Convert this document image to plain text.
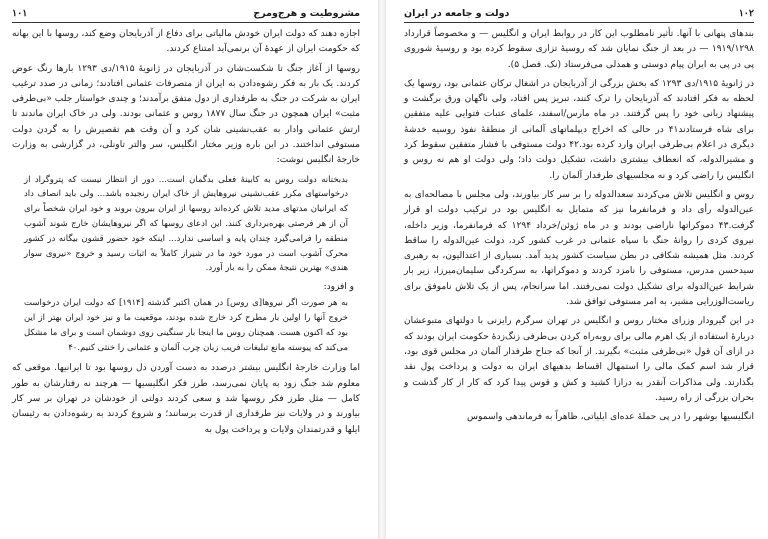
مشروطیت و هرج‌ومرج
۱۰۱

اجازه دهند که دولت ایران خودش مالیاتی برای دفاع از آذربایجان وضع کند، روسها با این بهانه که حکومت ایران از عهدهٔ آن برنمی‌آید امتناع کردند.

روسها از آغاز جنگ تا شکست‌شان در آذربایجان در ژانویهٔ ۱۹۱۵/دی ۱۲۹۳ بارها رنگ عوض کردند. یک بار به فکر رشوه‌دادن به ایران از متصرفات عثمانی افتادند؛ زمانی در صدد ترغیب ایران به شرکت در جنگ به طرفداری از دول متفق برآمدند؛ و چندی خواستار جلب «بی‌طرفی مثبت» ایران همچون در جنگ سال ۱۸۷۷ روس و عثمانی بودند. ولی در خاک ایران ماندند تا ارتش عثمانی وادار به عقب‌نشینی شان کرد و آن وقت هم تقصیرش را به گردن دولت مستوفی انداختند. در این باره وزیر مختار انگلیس، سر والتر تاونلی، در گزارشی به وزارت خارجهٔ انگلیس نوشت:

بدبختانه دولت روس به کابینهٔ فعلی بدگمان است... دور از انتظار نیست که پتروگراد از درخواستهای مکرر عقب‌نشینی نیروهایش از خاک ایران رنجیده باشد... ولی باید انصاف داد که ایرانیان مدتهای مدید تلاش کرده‌اند روسها از ایران بیرون بروند و خود ایران شخصاً برای آن از هر فرصتی بهره‌برداری کنند. این ادعای روسها که اگر نیروهایشان خارج شوند آشوب منطقه را فرامی‌گیرد چندان پایه و اساسی ندارد... اینکه خود حضور قشون بیگانه در کشور محرک آشوب است در مورد خود ما در شیراز کاملاً به اثبات رسید و خروج «نیروی سوار هندی» بهترین نتیجهٔ ممکن را به بار آورد.

و افزود:

به هر صورت اگر نیروها[ی روس] در همان اکتبر گذشته [۱۹۱۴] که دولت ایران درخواست خروج آنها را اولین بار مطرح کرد خارج شده بودند، موقعیت ما و نیز خود ایران بهتر از این بود که اکنون هست. همچنان روس ما اینجا بار سنگینی روی دوشمان است و برای ما مشکل می‌کند که پیوسته مانع تبلیغات فریب زبان چرب آلمان و عثمانی را خنثی کنیم.۴۰

اما وزارت خارجهٔ انگلیس بیشتر درصدد به دست آوردن دل روسها بود تا ایرانیها. موقعی که معلوم شد جنگ زود به پایان نمی‌رسد، طرز فکر انگلیسیها — هرچند نه رفتارشان به طور کامل — مثل طرز فکر روسها شد و سعی کردند دولتی از خودشان در تهران بر سر کار بیاورند و در ولایات نیز طرفداری از قدرت برسانند؛ و شروع کردند به رشوه‌دادن به رئیسان ایلها و قدرتمندان ولایات و پرداخت پول به

۱۰۲
دولت و جامعه در ایران

بندهای پنهانی با آنها. تأثیر نامطلوب این کار در روابط ایران و انگلیس — و مخصوصاً قرارداد ۱۹۱۹/۱۲۹۸ — در بعد از جنگ نمایان شد که روسیهٔ تزاری سقوط کرده بود و روسیهٔ شوروی پی در پی به ایران پیام دوستی و همدلی می‌فرستاد (نک. فصل ۵).

در ژانویهٔ ۱۹۱۵/دی ۱۲۹۳ که بخش بزرگی از آذربایجان در اشغال ترکان عثمانی بود، روسها یک لحظه به فکر افتادند که آذربایجان را ترک کنند، تبریز پس افتاد، ولی ناگهان ورق برگشت و پیشنهاد زبانی خود را پس گرفتند. در ماه مارس/اسفند، علمای عتبات فتوایی علیه متفقین برای شاه فرستادند۴۱ در حالی که اخراج دیپلماتهای آلمانی از منطقهٔ نفوذ روسیه خدشهٔ دیگری در اعلام بی‌طرفی ایران وارد کرده بود.۴۲ دولت مستوفی با فشار متفقین سقوط کرد و مشیرالدوله، که انعطاف بیشتری داشت، تشکیل دولت داد؛ ولی دولت او هم نه روس و انگلیس را راضی کرد و نه مجلسیهای طرفدار آلمان را.

روس و انگلیس تلاش می‌کردند سعدالدوله را بر سر کار بیاورند، ولی مجلس با مصالحه‌ای به عین‌الدوله رأی داد و فرمانفرما نیز که متمایل به انگلیس بود در ترکیب دولت او قرار گرفت.۴۳ دموکراتها ناراضی بودند و در ماه ژوئن/خرداد ۱۲۹۴ که فرمانفرما، وزیر داخله، نیروی کردی را روانهٔ جنگ با سپاه عثمانی در غرب کشور کرد، دولت عین‌الدوله را ساقط کردند. مثل همیشه شکافی در بطن سیاست کشور پدید آمد. بسیاری از اعتدالیون، به رهبری سیدحسن مدرس، مستوفی را نامزد کردند و دموکراتها، به سرکردگی سلیمان‌میرزا، زیر بار شرایط عین‌الدوله برای تشکیل دولت نمی‌رفتند. اما سرانجام، پس از یک تلاش ناموفق برای ریاست‌الوزرایی مشیر، به امر مستوفی توافق شد.

در این گیرودار وزرای مختار روس و انگلیس در تهران سرگرم رایزنی با دولتهای متبوعشان دربارهٔ استفاده از یک اهرم مالی برای روبه‌راه کردن بی‌طرفی زنگ‌زدهٔ حکومت ایران بودند که در ازای آن قول «بی‌طرفی مثبت» بگیرند. از آنجا که جناح طرفدار آلمان در مجلس قوی بود، قرار شد اسم کمک مالی را استمهال اقساط بدهیهای ایران به دولت و پرداخت پول نقد بگذارند. ولی مذاکرات آنقدر به درازا کشید و کش و قوس پیدا کرد که کار از کار گذشت و بحران بزرگی از راه رسید.

انگلیسیها بوشهر را در پی حملهٔ عده‌ای ایلیاتی، ظاهراً به فرماندهی واسموس
